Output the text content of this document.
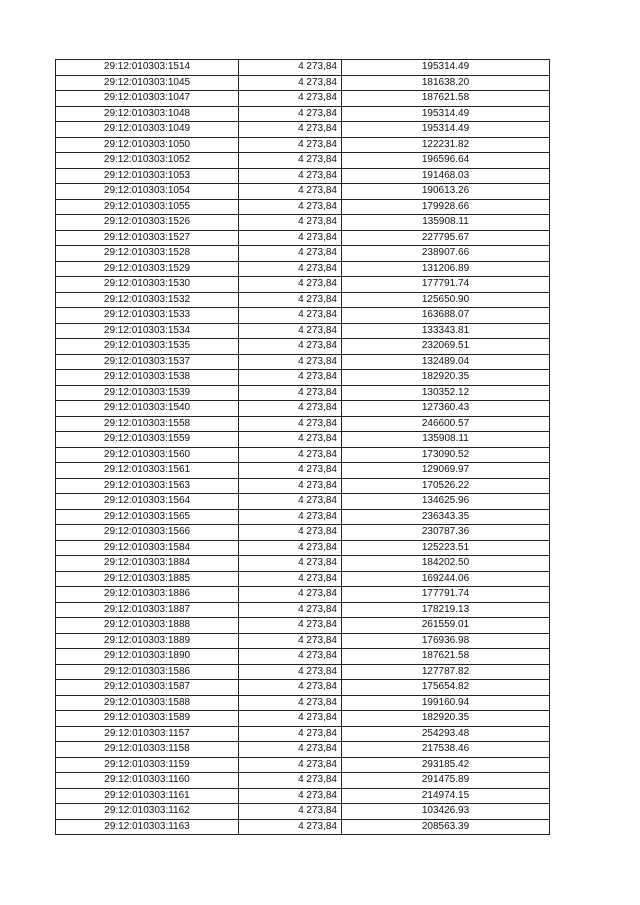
29:12:010303:1514	4 273,84	195314.49
29:12:010303:1045	4 273,84	181638.20
29:12:010303:1047	4 273,84	187621.58
29:12:010303:1048	4 273,84	195314.49
29:12:010303:1049	4 273,84	195314.49
29:12:010303:1050	4 273,84	122231.82
29:12:010303:1052	4 273,84	196596.64
29:12:010303:1053	4 273,84	191468.03
29:12:010303:1054	4 273,84	190613.26
29:12:010303:1055	4 273,84	179928.66
29:12:010303:1526	4 273,84	135908.11
29:12:010303:1527	4 273,84	227795.67
29:12:010303:1528	4 273,84	238907.66
29:12:010303:1529	4 273,84	131206.89
29:12:010303:1530	4 273,84	177791.74
29:12:010303:1532	4 273,84	125650.90
29:12:010303:1533	4 273,84	163688.07
29:12:010303:1534	4 273,84	133343.81
29:12:010303:1535	4 273,84	232069.51
29:12:010303:1537	4 273,84	132489.04
29:12:010303:1538	4 273,84	182920.35
29:12:010303:1539	4 273,84	130352.12
29:12:010303:1540	4 273,84	127360.43
29:12:010303:1558	4 273,84	246600.57
29:12:010303:1559	4 273,84	135908.11
29:12:010303:1560	4 273,84	173090.52
29:12:010303:1561	4 273,84	129069.97
29:12:010303:1563	4 273,84	170526.22
29:12:010303:1564	4 273,84	134625.96
29:12:010303:1565	4 273,84	236343.35
29:12:010303:1566	4 273,84	230787.36
29:12:010303:1584	4 273,84	125223.51
29:12:010303:1884	4 273,84	184202.50
29:12:010303:1885	4 273,84	169244.06
29:12:010303:1886	4 273,84	177791.74
29:12:010303:1887	4 273,84	178219.13
29:12:010303:1888	4 273,84	261559.01
29:12:010303:1889	4 273,84	176936.98
29:12:010303:1890	4 273,84	187621.58
29:12:010303:1586	4 273,84	127787.82
29:12:010303:1587	4 273,84	175654.82
29:12:010303:1588	4 273,84	199160.94
29:12:010303:1589	4 273,84	182920.35
29:12:010303:1157	4 273,84	254293.48
29:12:010303:1158	4 273,84	217538.46
29:12:010303:1159	4 273,84	293185.42
29:12:010303:1160	4 273,84	291475.89
29:12:010303:1161	4 273,84	214974.15
29:12:010303:1162	4 273,84	103426.93
29:12:010303:1163	4 273,84	208563.39
